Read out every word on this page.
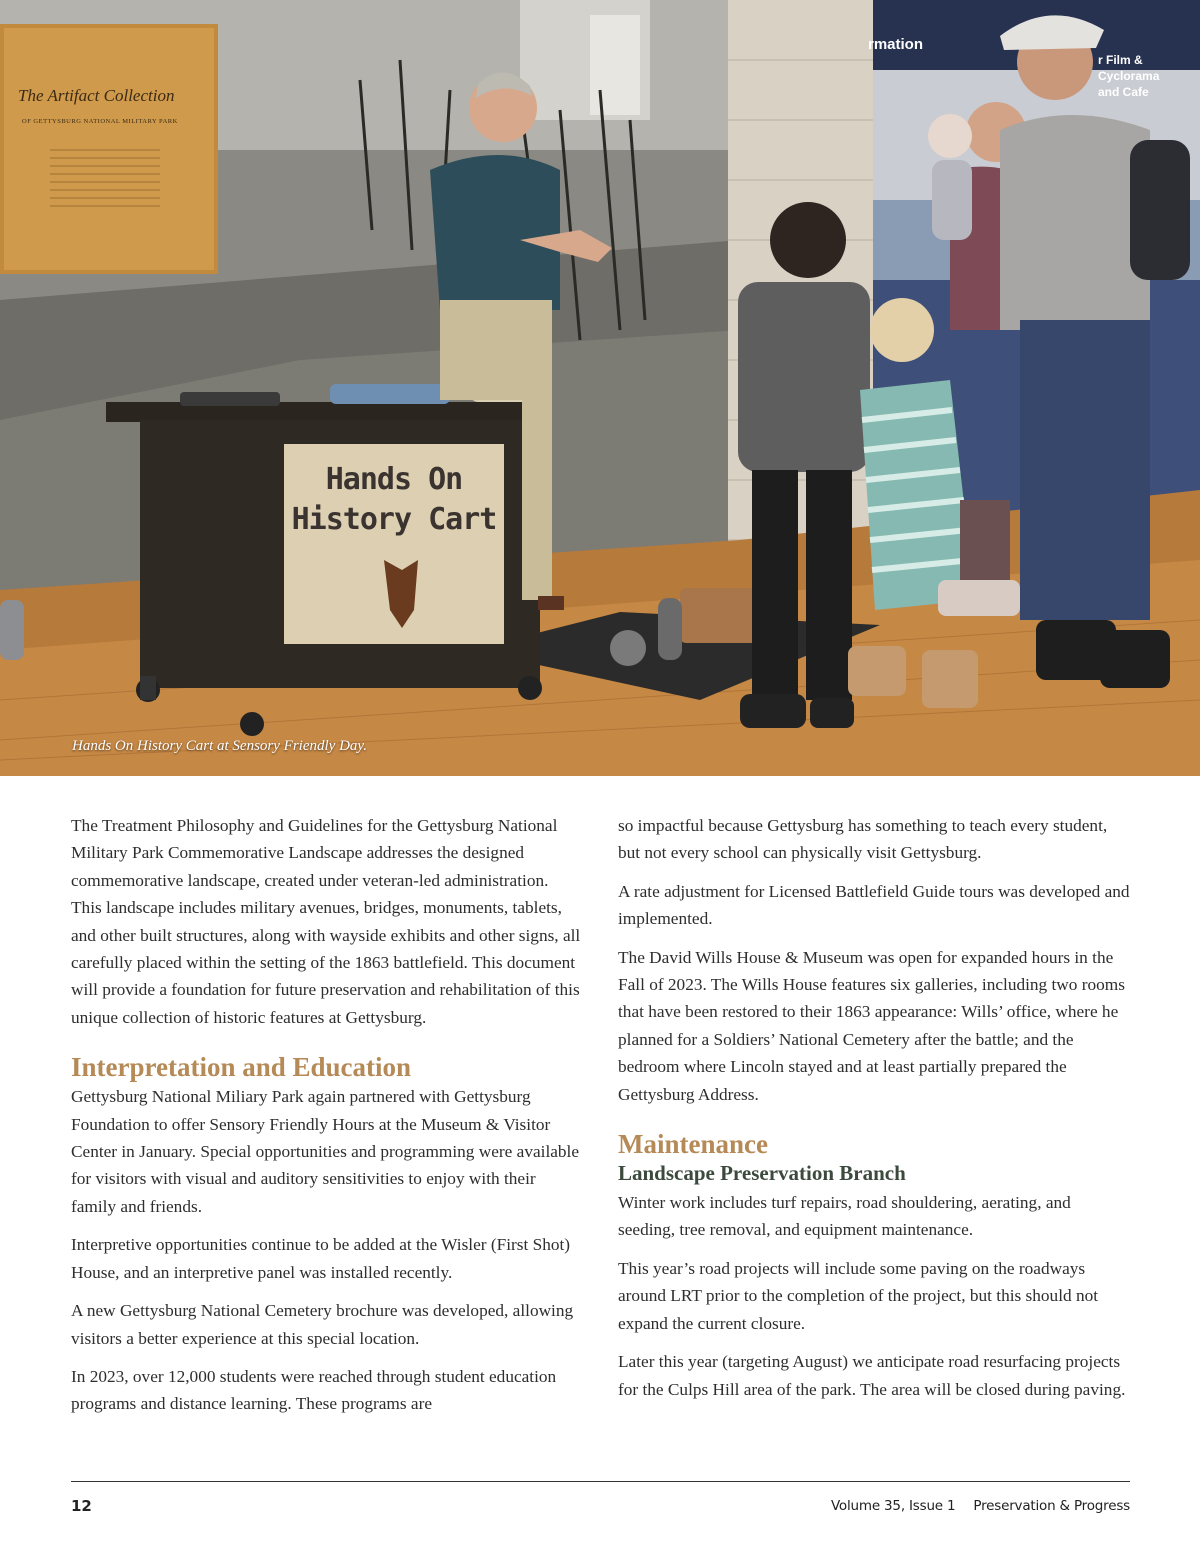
The Artifact Collection
OF GETTYSBURG NATIONAL MILITARY PARK
rmation
r Film & Cyclorama
and Cafe
Hands On
History Cart
Hands On History Cart at Sensory Friendly Day.

The Treatment Philosophy and Guidelines for the Gettysburg National Military Park Commemorative Landscape addresses the designed commemorative landscape, created under veteran-led administration. This landscape includes military avenues, bridges, monuments, tablets, and other built structures, along with wayside exhibits and other signs, all carefully placed within the setting of the 1863 battlefield. This document will provide a foundation for future preservation and rehabilitation of this unique collection of historic features at Gettysburg.

Interpretation and Education

Gettysburg National Miliary Park again partnered with Gettysburg Foundation to offer Sensory Friendly Hours at the Museum & Visitor Center in January. Special opportunities and programming were available for visitors with visual and auditory sensitivities to enjoy with their family and friends.

Interpretive opportunities continue to be added at the Wisler (First Shot) House, and an interpretive panel was installed recently.

A new Gettysburg National Cemetery brochure was developed, allowing visitors a better experience at this special location.

In 2023, over 12,000 students were reached through student education programs and distance learning. These programs are

so impactful because Gettysburg has something to teach every student, but not every school can physically visit Gettysburg.

A rate adjustment for Licensed Battlefield Guide tours was developed and implemented.

The David Wills House & Museum was open for expanded hours in the Fall of 2023. The Wills House features six galleries, including two rooms that have been restored to their 1863 appearance: Wills’ office, where he planned for a Soldiers’ National Cemetery after the battle; and the bedroom where Lincoln stayed and at least partially prepared the Gettysburg Address.

Maintenance
Landscape Preservation Branch

Winter work includes turf repairs, road shouldering, aerating, and seeding, tree removal, and equipment maintenance.

This year’s road projects will include some paving on the roadways around LRT prior to the completion of the project, but this should not expand the current closure.

Later this year (targeting August) we anticipate road resurfacing projects for the Culps Hill area of the park. The area will be closed during paving.

12	Volume 35, Issue 1 Preservation & Progress
